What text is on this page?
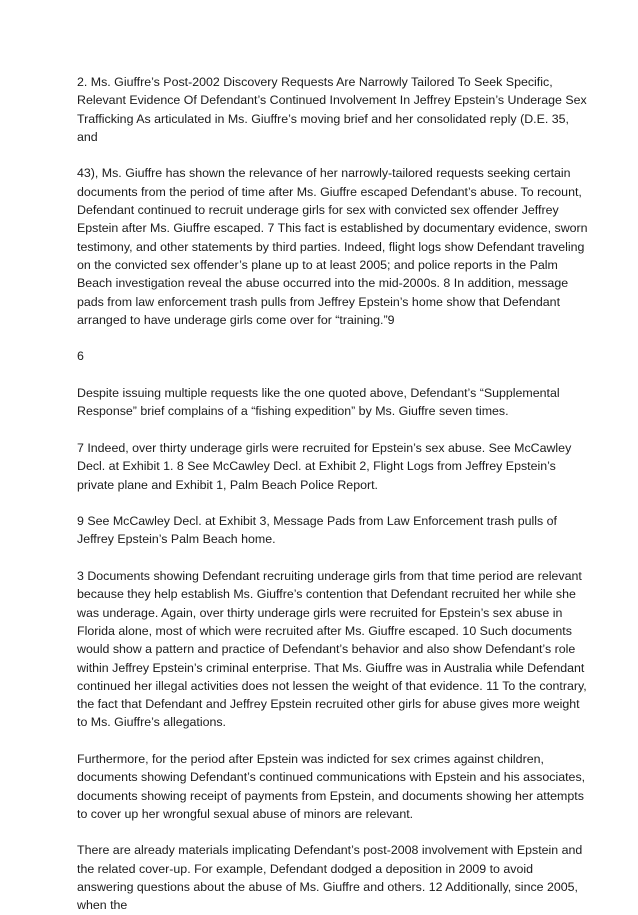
2. Ms. Giuffre’s Post-2002 Discovery Requests Are Narrowly Tailored To Seek Specific, Relevant Evidence Of Defendant’s Continued Involvement In Jeffrey Epstein’s Underage Sex Trafficking As articulated in Ms. Giuffre’s moving brief and her consolidated reply (D.E. 35, and

43), Ms. Giuffre has shown the relevance of her narrowly-tailored requests seeking certain documents from the period of time after Ms. Giuffre escaped Defendant’s abuse. To recount, Defendant continued to recruit underage girls for sex with convicted sex offender Jeffrey Epstein after Ms. Giuffre escaped. 7 This fact is established by documentary evidence, sworn testimony, and other statements by third parties. Indeed, flight logs show Defendant traveling on the convicted sex offender’s plane up to at least 2005; and police reports in the Palm Beach investigation reveal the abuse occurred into the mid-2000s. 8 In addition, message pads from law enforcement trash pulls from Jeffrey Epstein’s home show that Defendant arranged to have underage girls come over for “training.”9

6

Despite issuing multiple requests like the one quoted above, Defendant’s “Supplemental Response” brief complains of a “fishing expedition” by Ms. Giuffre seven times.

7 Indeed, over thirty underage girls were recruited for Epstein’s sex abuse. See McCawley Decl. at Exhibit 1. 8 See McCawley Decl. at Exhibit 2, Flight Logs from Jeffrey Epstein’s private plane and Exhibit 1, Palm Beach Police Report.

9 See McCawley Decl. at Exhibit 3, Message Pads from Law Enforcement trash pulls of Jeffrey Epstein’s Palm Beach home.

3 Documents showing Defendant recruiting underage girls from that time period are relevant because they help establish Ms. Giuffre’s contention that Defendant recruited her while she was underage. Again, over thirty underage girls were recruited for Epstein’s sex abuse in Florida alone, most of which were recruited after Ms. Giuffre escaped. 10 Such documents would show a pattern and practice of Defendant’s behavior and also show Defendant’s role within Jeffrey Epstein’s criminal enterprise. That Ms. Giuffre was in Australia while Defendant continued her illegal activities does not lessen the weight of that evidence. 11 To the contrary, the fact that Defendant and Jeffrey Epstein recruited other girls for abuse gives more weight to Ms. Giuffre’s allegations.

Furthermore, for the period after Epstein was indicted for sex crimes against children, documents showing Defendant’s continued communications with Epstein and his associates, documents showing receipt of payments from Epstein, and documents showing her attempts to cover up her wrongful sexual abuse of minors are relevant.

There are already materials implicating Defendant’s post-2008 involvement with Epstein and the related cover-up. For example, Defendant dodged a deposition in 2009 to avoid answering questions about the abuse of Ms. Giuffre and others. 12 Additionally, since 2005, when the
